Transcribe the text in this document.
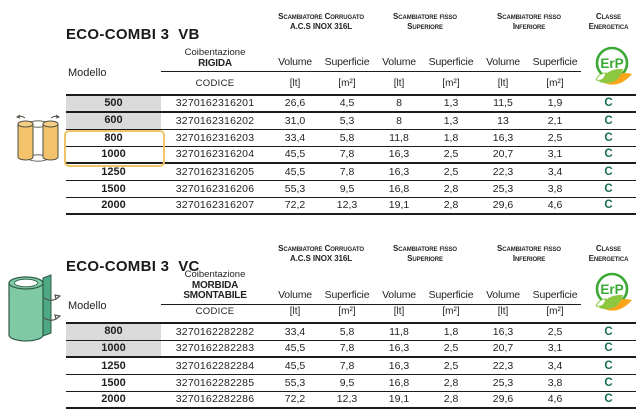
ECO-COMBI 3  VB
Scambiatore Corrugato
A.C.S INOX 316L
Scambiatore fisso
Superiore
Scambiatore fisso
Inferiore
Classe
Energetica
Modello
Coibentazione
RIGIDA	Volume	Superficie	Volume	Superficie	Volume	Superficie
CODICE	[lt]	[m²]	[lt]	[m²]	[lt]	[m²]
ErP
500	3270162316201	26,6	4,5	8	1,3	11,5	1,9	C
600	3270162316202	31,0	5,3	8	1,3	13	2,1	C
800	3270162316203	33,4	5,8	11,8	1,8	16,3	2,5	C
1000	3270162316204	45,5	7,8	16,3	2,5	20,7	3,1	C
1250	3270162316205	45,5	7,8	16,3	2,5	22,3	3,4	C
1500	3270162316206	55,3	9,5	16,8	2,8	25,3	3,8	C
2000	3270162316207	72,2	12,3	19,1	2,8	29,6	4,6	C
ECO-COMBI 3  VC
Scambiatore Corrugato
A.C.S INOX 316L
Scambiatore fisso
Superiore
Scambiatore fisso
Inferiore
Classe
Energetica
Modello
Coibentazione
MORBIDA SMONTABILE	Volume	Superficie	Volume	Superficie	Volume	Superficie
CODICE	[lt]	[m²]	[lt]	[m²]	[lt]	[m²]
ErP
800	3270162282282	33,4	5,8	11,8	1,8	16,3	2,5	C
1000	3270162282283	45,5	7,8	16,3	2,5	20,7	3,1	C
1250	3270162282284	45,5	7,8	16,3	2,5	22,3	3,4	C
1500	3270162282285	55,3	9,5	16,8	2,8	25,3	3,8	C
2000	3270162282286	72,2	12,3	19,1	2,8	29,6	4,6	C
